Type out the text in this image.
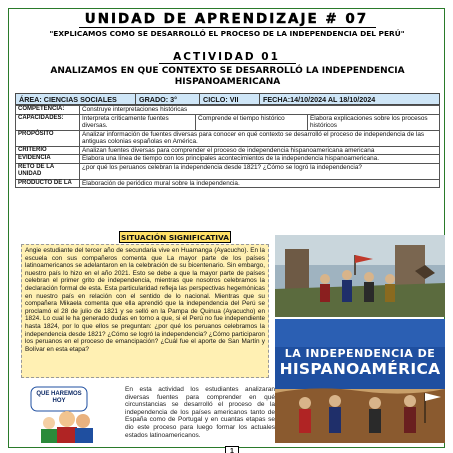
UNIDAD DE APRENDIZAJE # 07
"EXPLICAMOS COMO SE DESARROLLÓ EL PROCESO DE LA INDEPENDENCIA DEL PERÚ"
ACTIVIDAD 01
ANALIZAMOS EN QUE CONTEXTO SE DESARROLLÓ LA INDEPENDENCIA HISPANOAMERICANA
ÁREA: CIENCIAS SOCIALES	GRADO: 3°	CICLO: VII	FECHA:14/10/2024 AL 18/10/2024
COMPETENCIA:	Construye interpretaciones históricas		
CAPACIDADES:	Interpreta críticamente fuentes diversas.	Comprende el tiempo histórico	Elabora explicaciones sobre los procesos históricos
PROPÓSITO	Analizar información de fuentes diversas para conocer en qué contexto se desarrolló el proceso de independencia de las antiguas colonias españolas en América.		
CRITERIO	Analizan fuentes diversas para comprender el proceso de independencia hispanoamericana americana		
EVIDENCIA	Elabora una línea de tiempo con los principales acontecimientos de la independencia hispanoamericana.		
RETO DE LA UNIDAD	¿por qué los peruanos celebran la independencia desde 1821? ¿Cómo se logró la independencia?		
PRODUCTO DE LA	Elaboración de periódico mural sobre la independencia.		
SITUACIÓN SIGNIFICATIVA
Angie estudiante del tercer año de secundaria vive en Huamanga (Ayacucho). En la escuela con sus compañeros comenta que La mayor parte de los países latinoamericanos se adelantaron en la celebración de su bicentenario. Sin embargo, nuestro país lo hizo en el año 2021. Esto se debe a que la mayor parte de países celebran el primer grito de independencia, mientras que nosotros celebramos la declaración formal de esta. Esta particularidad refleja las perspectivas hegemónicas en nuestro país en relación con el sentido de lo nacional. Mientras que su compañera Mikaela comenta que ella aprendió que la independencia del Perú se proclamó el 28 de julio de 1821 y se selló en la Pampa de Quinua (Ayacucho) en 1824. Lo cual le ha generado dudas en torno a que, si el Perú no fue independiente hasta 1824, por lo que ellos se preguntan: ¿por qué los peruanos celebramos la independencia desde 1821? ¿Cómo se logró la independencia? ¿Cómo participaron los peruanos en el proceso de emancipación? ¿Cuál fue el aporte de San Martín y Bolívar en esta etapa?	LA INDEPENDENCIA DE
HISPANOAMÉRICA
QUE HAREMOS HOY
En esta actividad los estudiantes analizaran diversas fuentes para comprender en qué circunstancias se desarrolló el proceso de la independencia de los países americanos tanto de España como de Portugal y en cuantas etapas se dio este proceso para luego formar los actuales estados latinoamericanos.
1
